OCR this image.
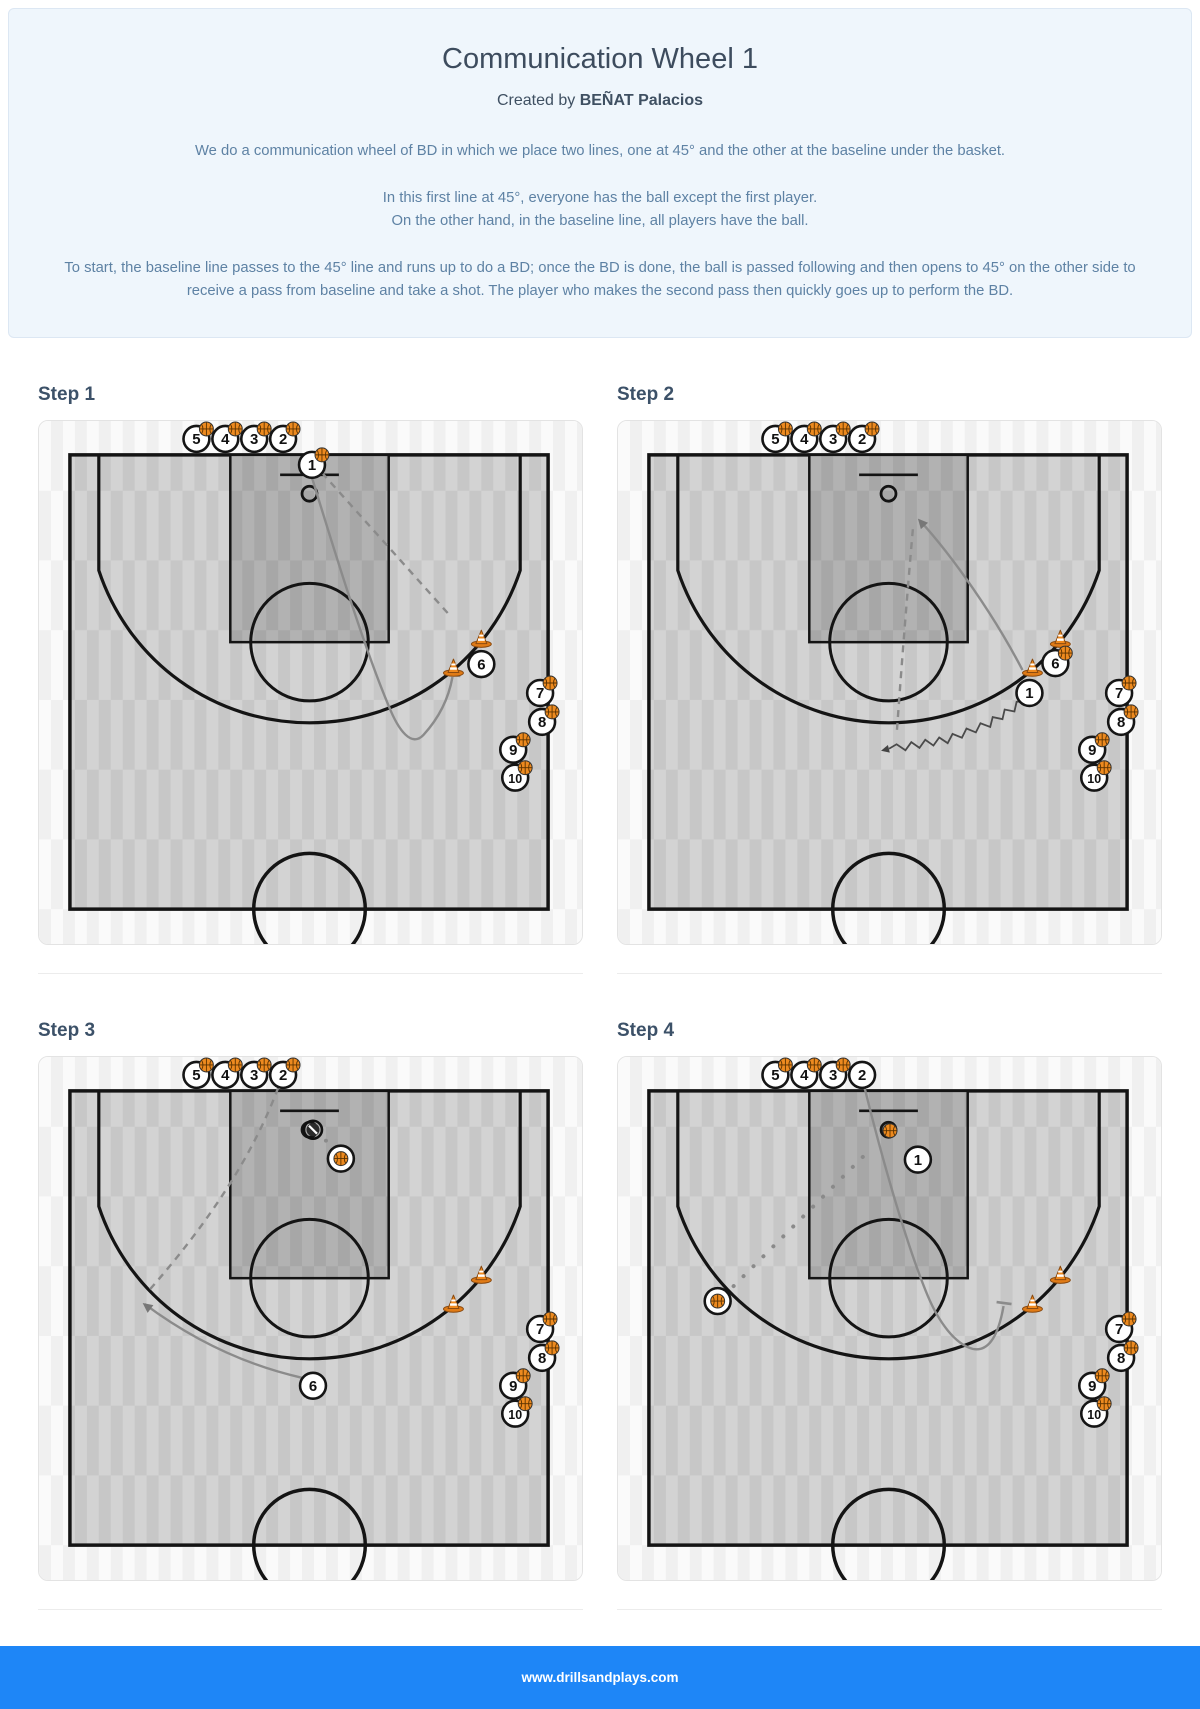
Communication Wheel 1
Created by BEÑAT Palacios
We do a communication wheel of BD in which we place two lines, one at 45° and the other at the baseline under the basket.
In this first line at 45°, everyone has the ball except the first player.
On the other hand, in the baseline line, all players have the ball.
To start, the baseline line passes to the 45° line and runs up to do a BD; once the BD is done, the ball is passed following and then opens to 45° on the other side to receive a pass from baseline and take a shot. The player who makes the second pass then quickly goes up to perform the BD.
Step 1
5 4 3 2
1
6
7
8
9
10
Step 2
5 4 3 2
6
1	7
8
9
10
Step 3
5 4 3 2
6
7
8
9
10
Step 4
5 4 3 2
1
7
8
9
10
www.drillsandplays.com
